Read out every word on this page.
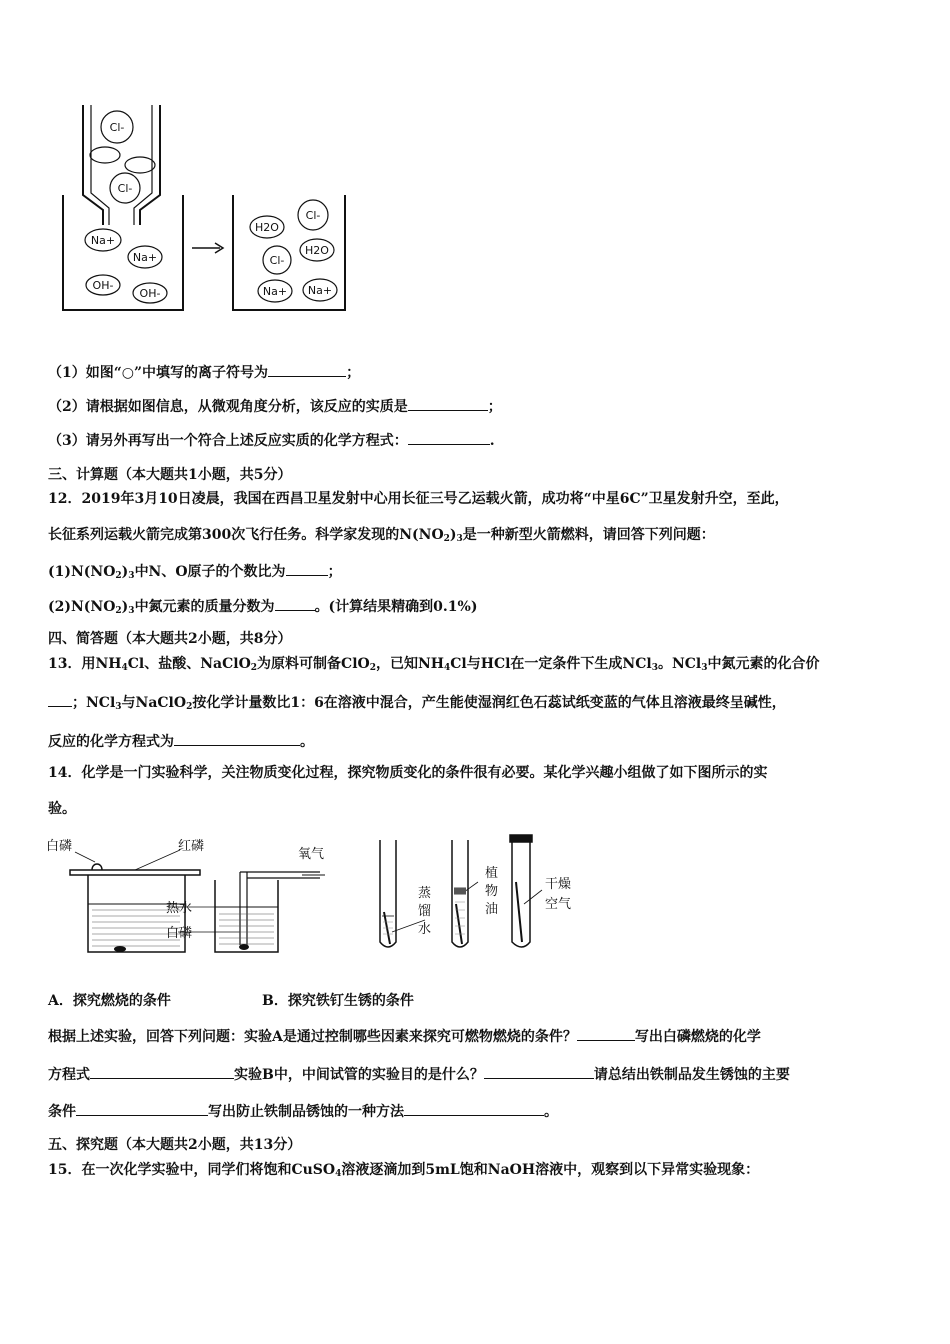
Cl-
Cl-
Na+
Na+
OH-
OH-
H2O
Cl-
H2O
Cl-
Na+ Na+
（1）如图“○”中填写的离子符号为	；
（2）请根据如图信息，从微观角度分析，该反应的实质是	；
（3）请另外再写出一个符合上述反应实质的化学方程式：	.
三、计算题（本大题共1小题，共5分）
12．2019年3月10日凌晨，我国在西昌卫星发射中心用长征三号乙运载火箭，成功将“中星6C”卫星发射升空，至此，
长征系列运载火箭完成第300次飞行任务。科学家发现的$N(NO_2)_3$是一种新型火箭燃料，请回答下列问题：
$(1)N(NO_2)_3$中N、O原子的个数比为	；
$(2)N(NO_2)_3$中氮元素的质量分数为	。(计算结果精确到0.1%)
四、简答题（本大题共2小题，共8分）
13．用$NH_4Cl$、盐酸、NaClO$_2$为原料可制备ClO$_2$，已知$NH_4Cl$与HCl在一定条件下生成NCl$_3$。NCl$_3$中氮元素的化合价
；NCl$_3$与NaClO$_2$按化学计量数比1：6在溶液中混合，产生能使湿润红色石蕊试纸变蓝的气体且溶液最终呈碱性，
反应的化学方程式为	。
14．化学是一门实验科学，关注物质变化过程，探究物质变化的条件很有必要。某化学兴趣小组做了如下图所示的实
验。
白磷	红磷
氧气
热水
白磷
蒸
馏
水
植
物
油
干燥
空气
A．探究燃烧的条件	B．探究铁钉生锈的条件
根据上述实验，回答下列问题：实验A是通过控制哪些因素来探究可燃物燃烧的条件？	写出白磷燃烧的化学
方程式	实验B中，中间试管的实验目的是什么？	请总结出铁制品发生锈蚀的主要
条件	写出防止铁制品锈蚀的一种方法	。
五、探究题（本大题共2小题，共13分）
15．在一次化学实验中，同学们将饱和CuSO$_4$溶液逐滴加到5mL饱和NaOH溶液中，观察到以下异常实验现象：
